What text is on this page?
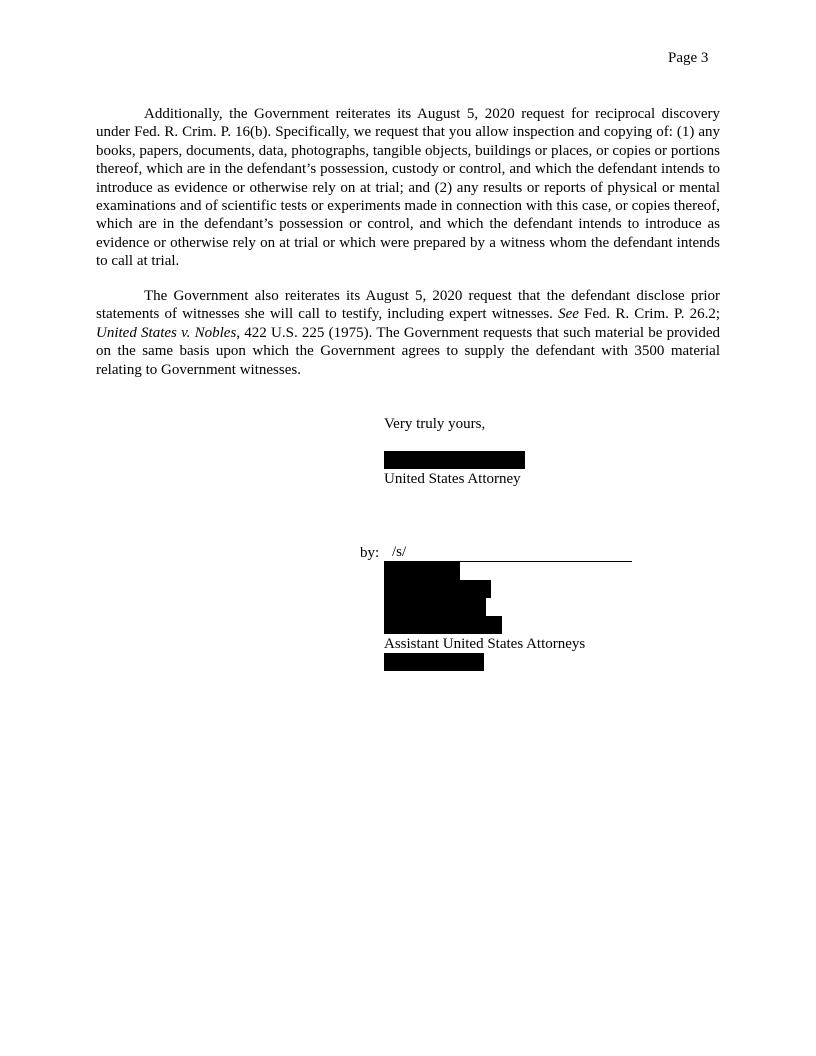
Page 3

Additionally, the Government reiterates its August 5, 2020 request for reciprocal discovery under Fed. R. Crim. P. 16(b). Specifically, we request that you allow inspection and copying of: (1) any books, papers, documents, data, photographs, tangible objects, buildings or places, or copies or portions thereof, which are in the defendant’s possession, custody or control, and which the defendant intends to introduce as evidence or otherwise rely on at trial; and (2) any results or reports of physical or mental examinations and of scientific tests or experiments made in connection with this case, or copies thereof, which are in the defendant’s possession or control, and which the defendant intends to introduce as evidence or otherwise rely on at trial or which were prepared by a witness whom the defendant intends to call at trial.

The Government also reiterates its August 5, 2020 request that the defendant disclose prior statements of witnesses she will call to testify, including expert witnesses. See Fed. R. Crim. P. 26.2; United States v. Nobles, 422 U.S. 225 (1975). The Government requests that such material be provided on the same basis upon which the Government agrees to supply the defendant with 3500 material relating to Government witnesses.

Very truly yours,
United States Attorney
by: /s/
Assistant United States Attorneys
